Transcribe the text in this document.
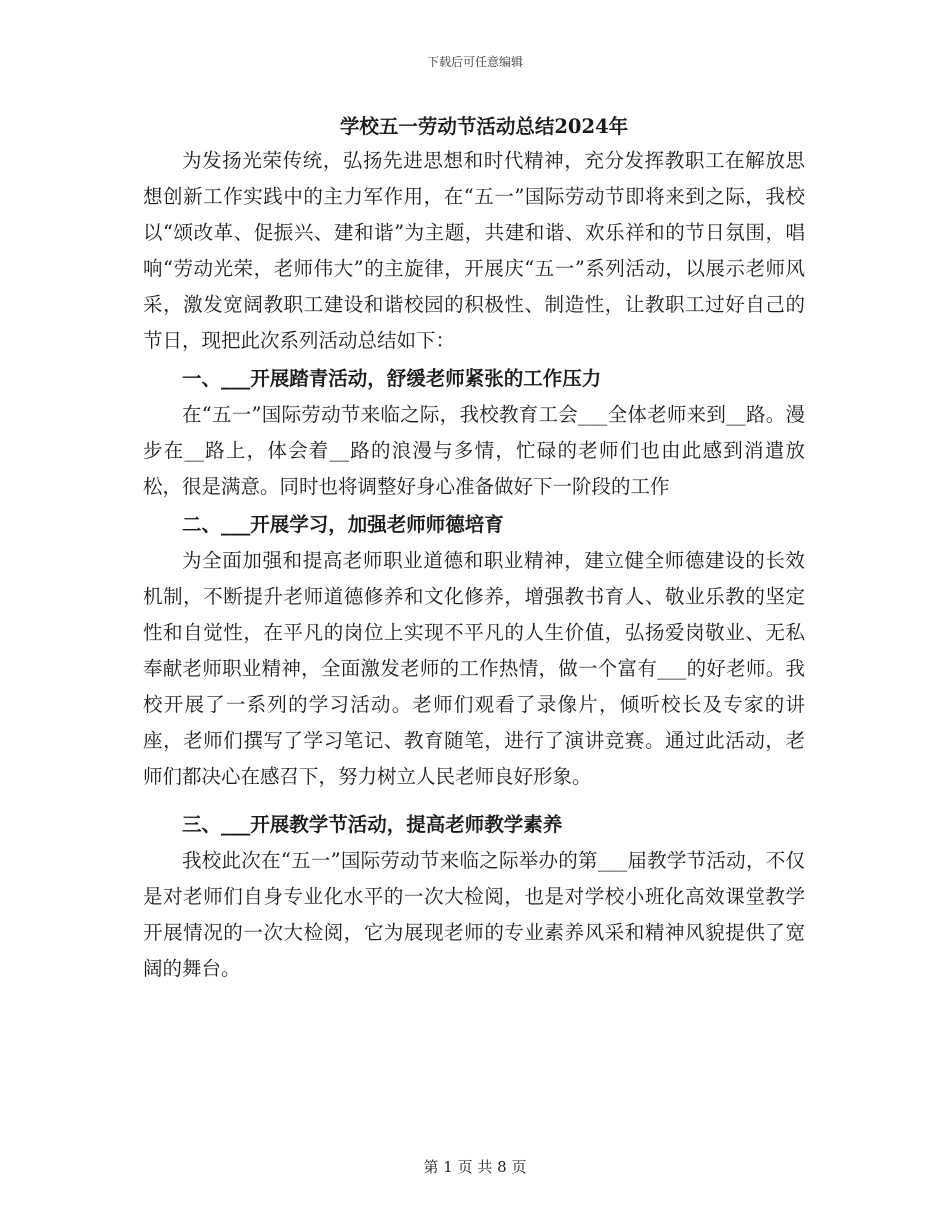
下载后可任意编辑
学校五一劳动节活动总结2024年

为发扬光荣传统，弘扬先进思想和时代精神，充分发挥教职工在解放思想创新工作实践中的主力军作用，在“五一”国际劳动节即将来到之际，我校以“颂改革、促振兴、建和谐”为主题，共建和谐、欢乐祥和的节日氛围，唱响“劳动光荣，老师伟大”的主旋律，开展庆“五一”系列活动，以展示老师风采，激发宽阔教职工建设和谐校园的积极性、制造性，让教职工过好自己的节日，现把此次系列活动总结如下：

一、___开展踏青活动，舒缓老师紧张的工作压力

在“五一”国际劳动节来临之际，我校教育工会___全体老师来到__路。漫步在__路上，体会着__路的浪漫与多情，忙碌的老师们也由此感到消遣放松，很是满意。同时也将调整好身心准备做好下一阶段的工作

二、___开展学习，加强老师师德培育

为全面加强和提高老师职业道德和职业精神，建立健全师德建设的长效机制，不断提升老师道德修养和文化修养，增强教书育人、敬业乐教的坚定性和自觉性，在平凡的岗位上实现不平凡的人生价值，弘扬爱岗敬业、无私奉献老师职业精神，全面激发老师的工作热情，做一个富有___的好老师。我校开展了一系列的学习活动。老师们观看了录像片，倾听校长及专家的讲座，老师们撰写了学习笔记、教育随笔，进行了演讲竞赛。通过此活动，老师们都决心在感召下，努力树立人民老师良好形象。

三、___开展教学节活动，提高老师教学素养

我校此次在“五一”国际劳动节来临之际举办的第___届教学节活动，不仅是对老师们自身专业化水平的一次大检阅，也是对学校小班化高效课堂教学开展情况的一次大检阅，它为展现老师的专业素养风采和精神风貌提供了宽阔的舞台。

第 1 页 共 8 页
